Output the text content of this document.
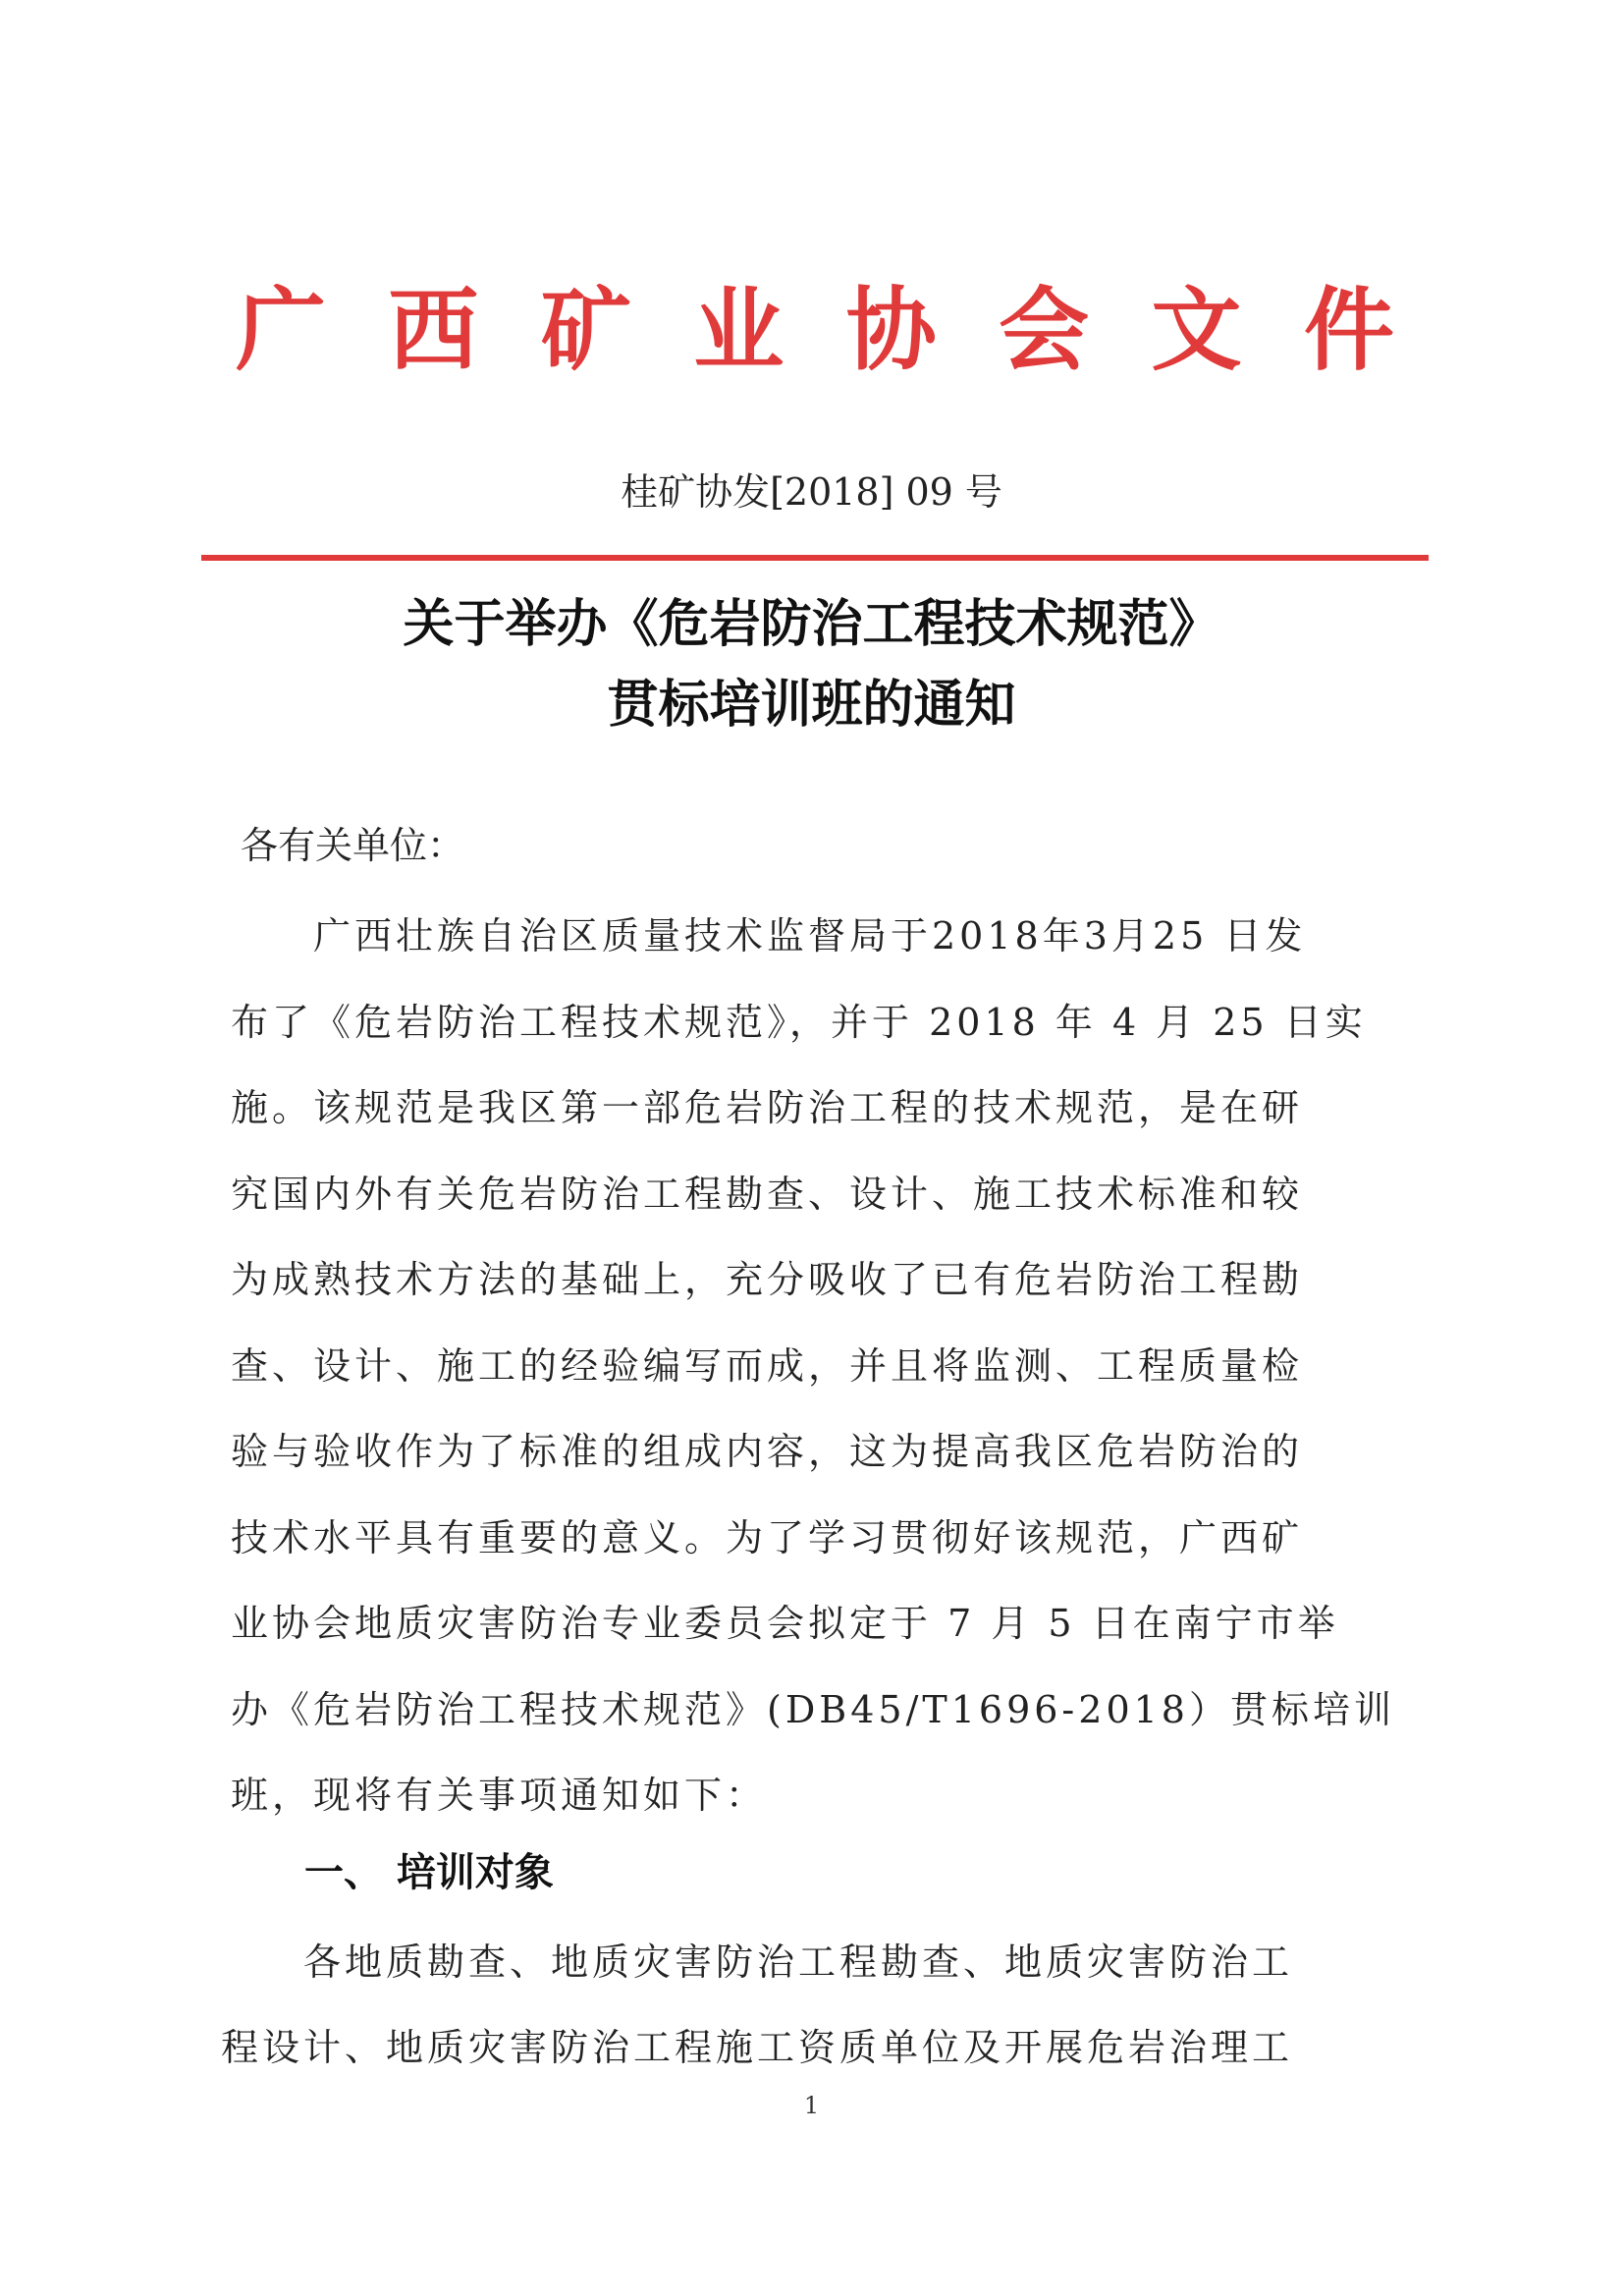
广 西 矿 业 协 会 文 件
桂矿协发[2018] 09 号
关于举办《危岩防治工程技术规范》
贯标培训班的通知
各有关单位：
　　广西壮族自治区质量技术监督局于2018年3月25 日发
布了《危岩防治工程技术规范》，并于 2018 年 4 月 25 日实
施。该规范是我区第一部危岩防治工程的技术规范，是在研
究国内外有关危岩防治工程勘查、设计、施工技术标准和较
为成熟技术方法的基础上，充分吸收了已有危岩防治工程勘
查、设计、施工的经验编写而成，并且将监测、工程质量检
验与验收作为了标准的组成内容，这为提高我区危岩防治的
技术水平具有重要的意义。为了学习贯彻好该规范，广西矿
业协会地质灾害防治专业委员会拟定于 7 月 5 日在南宁市举
办《危岩防治工程技术规范》(DB45/T1696-2018）贯标培训
班，现将有关事项通知如下：
一、 培训对象
　　各地质勘查、地质灾害防治工程勘查、地质灾害防治工
程设计、地质灾害防治工程施工资质单位及开展危岩治理工
1
